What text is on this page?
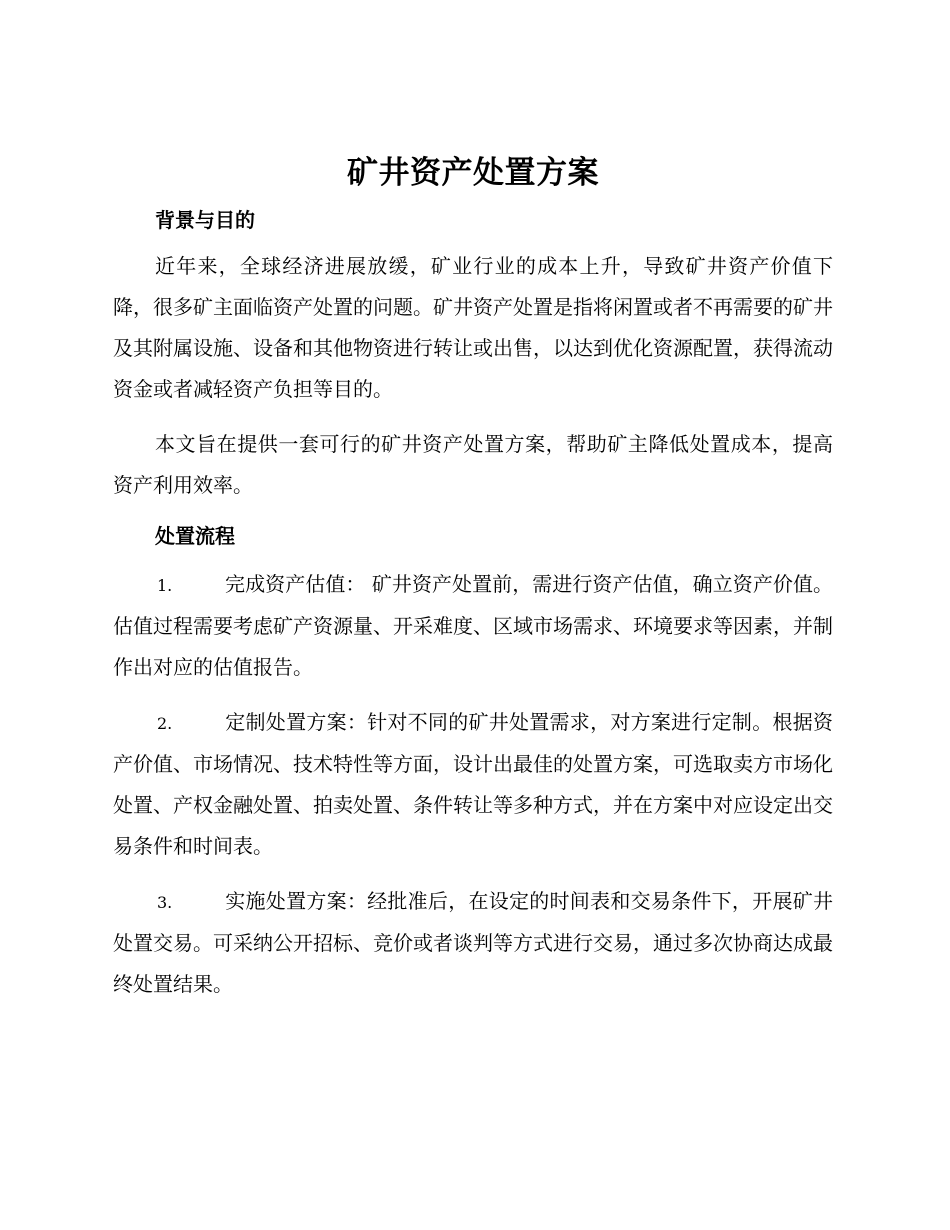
矿井资产处置方案
背景与目的

近年来，全球经济进展放缓，矿业行业的成本上升，导致矿井资产价值下降，很多矿主面临资产处置的问题。矿井资产处置是指将闲置或者不再需要的矿井及其附属设施、设备和其他物资进行转让或出售，以达到优化资源配置，获得流动资金或者减轻资产负担等目的。

本文旨在提供一套可行的矿井资产处置方案，帮助矿主降低处置成本，提高资产利用效率。

处置流程

1.	完成资产估值： 矿井资产处置前，需进行资产估值，确立资产价值。估值过程需要考虑矿产资源量、开采难度、区域市场需求、环境要求等因素，并制作出对应的估值报告。

2.	定制处置方案：针对不同的矿井处置需求，对方案进行定制。根据资产价值、市场情况、技术特性等方面，设计出最佳的处置方案，可选取卖方市场化处置、产权金融处置、拍卖处置、条件转让等多种方式，并在方案中对应设定出交易条件和时间表。

3.	实施处置方案：经批准后，在设定的时间表和交易条件下，开展矿井处置交易。可采纳公开招标、竞价或者谈判等方式进行交易，通过多次协商达成最终处置结果。
